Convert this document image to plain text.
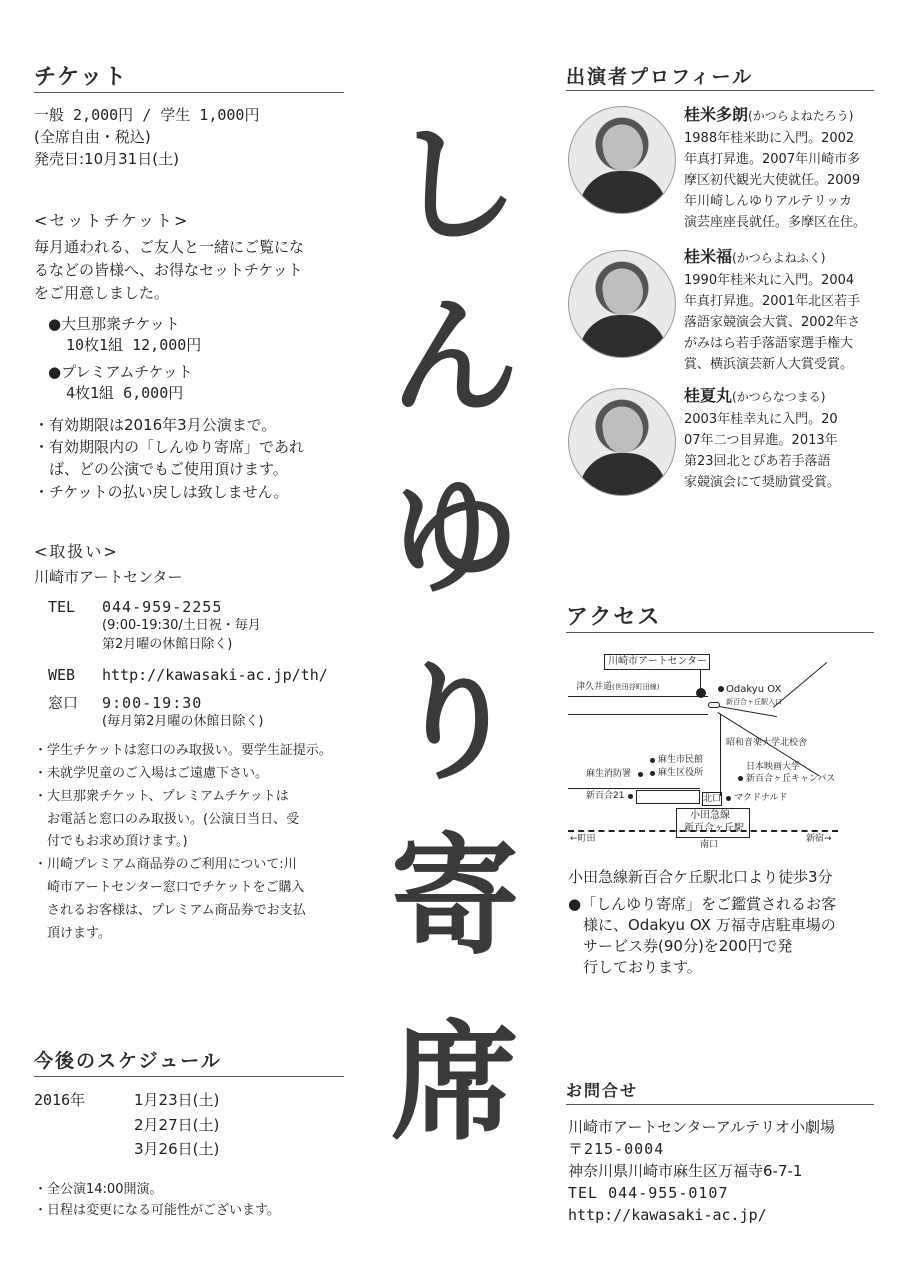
チケット
一般 2,000円 / 学生 1,000円
(全席自由・税込)
発売日:10月31日(土)
<セットチケット>
毎月通われる、ご友人と一緒にご覧にな
るなどの皆様へ、お得なセットチケット
をご用意しました。
●大旦那衆チケット
10枚1組 12,000円
●プレミアムチケット
4枚1組 6,000円
・有効期限は2016年3月公演まで。
・有効期限内の「しんゆり寄席」であれ
　ば、どの公演でもご使用頂けます。
・チケットの払い戻しは致しません。
<取扱い>
川崎市アートセンター
TEL 044-959-2255
(9:00-19:30/土日祝・毎月
第2月曜の休館日除く)
WEB http://kawasaki-ac.jp/th/
窓口 9:00-19:30
(毎月第2月曜の休館日除く)
・学生チケットは窓口のみ取扱い。要学生証提示。
・未就学児童のご入場はご遠慮下さい。
・大旦那衆チケット、プレミアムチケットは
　お電話と窓口のみ取扱い。(公演日当日、受
　付でもお求め頂けます。)
・川崎プレミアム商品券のご利用について:川
　崎市アートセンター窓口でチケットをご購入
　されるお客様は、プレミアム商品券でお支払
　頂けます。
今後のスケジュール
2016年	1月23日(土)
2月27日(土)
3月26日(土)
・全公演14:00開演。
・日程は変更になる可能性がございます。
し
ん
ゆ
り
寄
席
出演者プロフィール
桂米多朗(かつらよねたろう)
1988年桂米助に入門。2002
年真打昇進。2007年川崎市多
摩区初代観光大使就任。2009
年川崎しんゆりアルテリッカ
演芸座座長就任。多摩区在住。
桂米福(かつらよねふく)
1990年桂米丸に入門。2004
年真打昇進。2001年北区若手
落語家競演会大賞、2002年さ
がみはら若手落語家選手権大
賞、横浜演芸新人大賞受賞。
桂夏丸(かつらなつまる)
2003年桂幸丸に入門。20
07年二つ目昇進。2013年
第23回北とぴあ若手落語
家競演会にて奨励賞受賞。
アクセス
川崎市アートセンター
津久井道(世田谷町田線)	Odakyu OX
新百合ヶ丘駅入口
昭和音楽大学北校舎
麻生市民館
麻生区役所
麻生消防署
日本映画大学
新百合ヶ丘キャンパス
新百合21	北口 マクドナルド
小田急線
新百合ヶ丘駅
←町田
南口
新宿→
小田急線新百合ケ丘駅北口より徒歩3分
●「しんゆり寄席」をご鑑賞されるお客
　様に、Odakyu OX 万福寺店駐車場の
　サービス券(90分)を200円で発
　行しております。
お問合せ
川崎市アートセンターアルテリオ小劇場
〒215-0004
神奈川県川崎市麻生区万福寺6-7-1
TEL 044-955-0107
http://kawasaki-ac.jp/
